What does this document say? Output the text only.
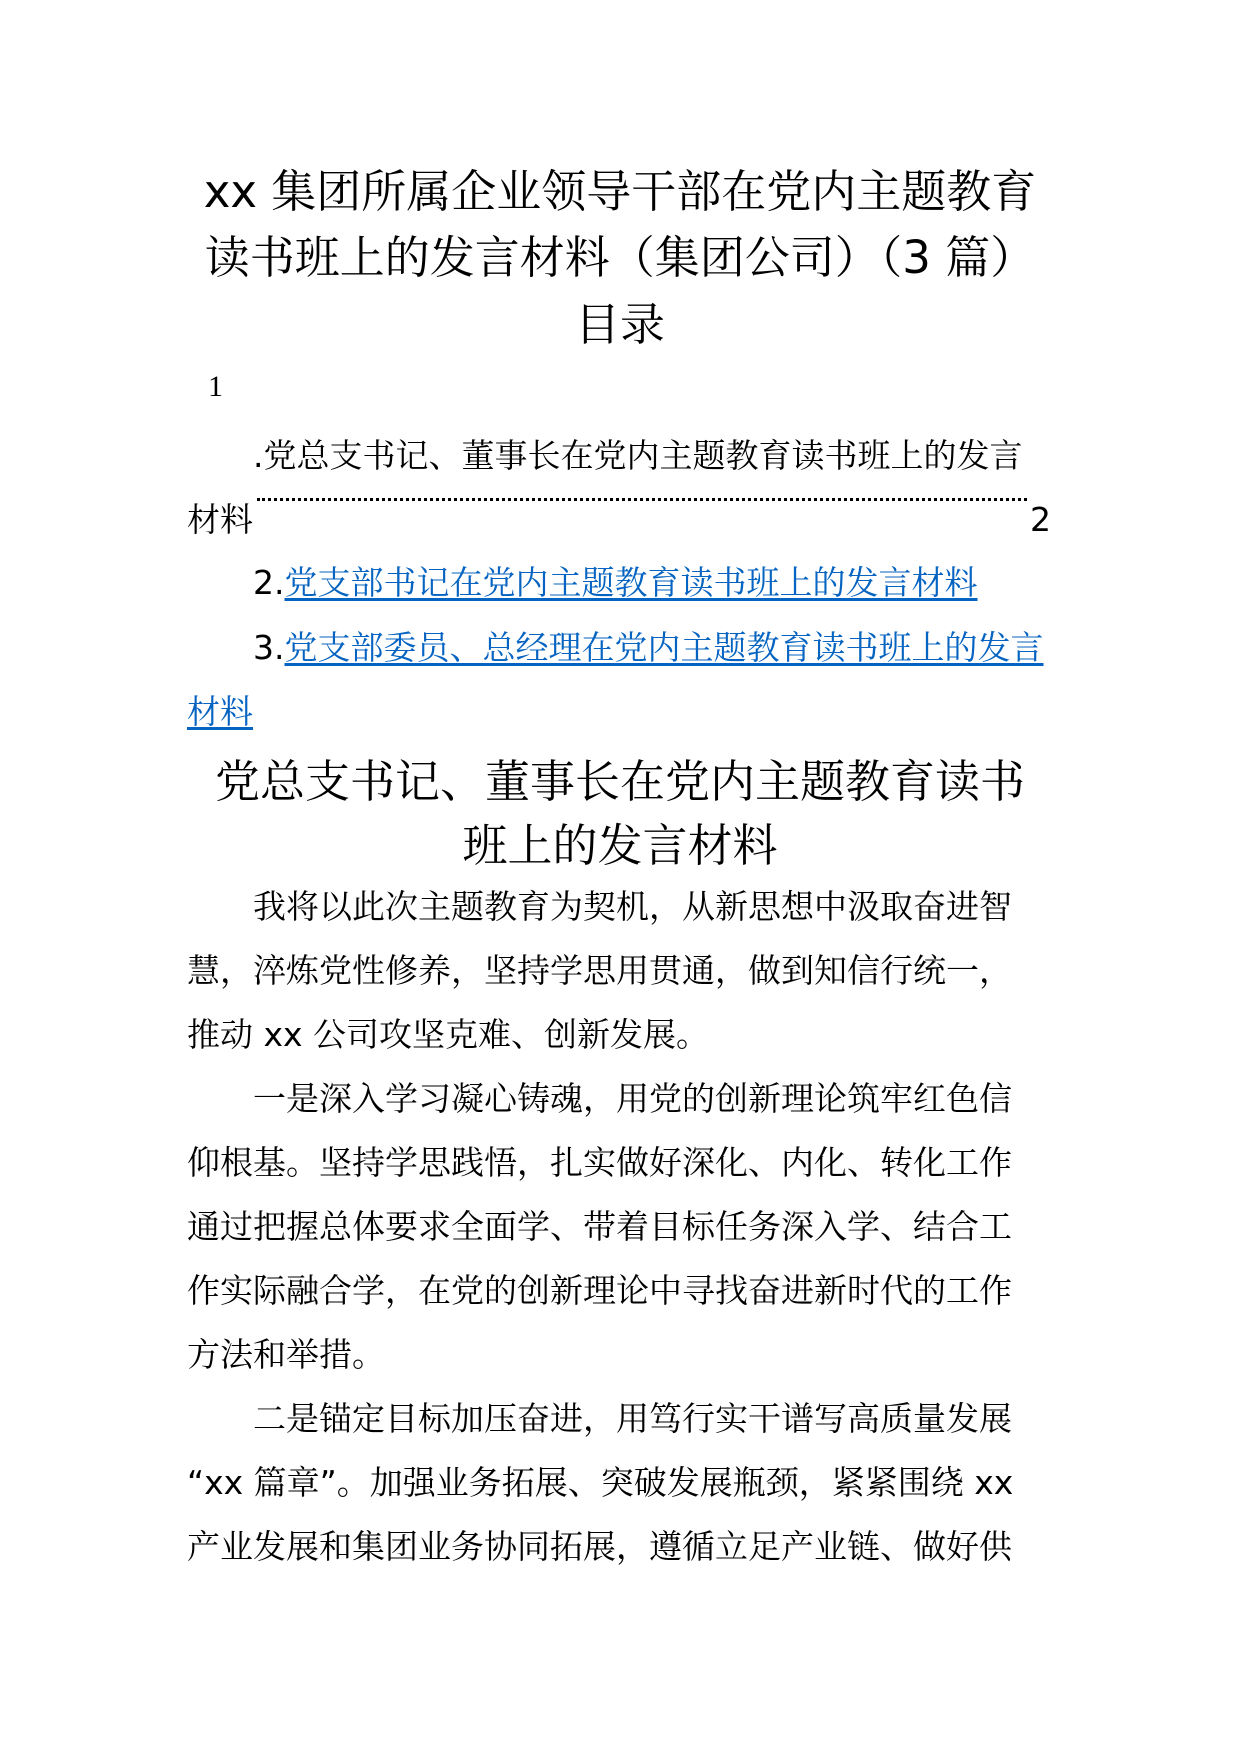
xx 集团所属企业领导干部在党内主题教育
读书班上的发言材料（集团公司）（3 篇）
目录
1
.党总支书记、董事长在党内主题教育读书班上的发言
材料	2
2.党支部书记在党内主题教育读书班上的发言材料
3.党支部委员、总经理在党内主题教育读书班上的发言
材料
党总支书记、董事长在党内主题教育读书
班上的发言材料
我将以此次主题教育为契机，从新思想中汲取奋进智
慧，淬炼党性修养，坚持学思用贯通，做到知信行统一，
推动 xx 公司攻坚克难、创新发展。
一是深入学习凝心铸魂，用党的创新理论筑牢红色信
仰根基。坚持学思践悟，扎实做好深化、内化、转化工作
通过把握总体要求全面学、带着目标任务深入学、结合工
作实际融合学，在党的创新理论中寻找奋进新时代的工作
方法和举措。
二是锚定目标加压奋进，用笃行实干谱写高质量发展
“xx 篇章”。加强业务拓展、突破发展瓶颈，紧紧围绕 xx
产业发展和集团业务协同拓展，遵循立足产业链、做好供
